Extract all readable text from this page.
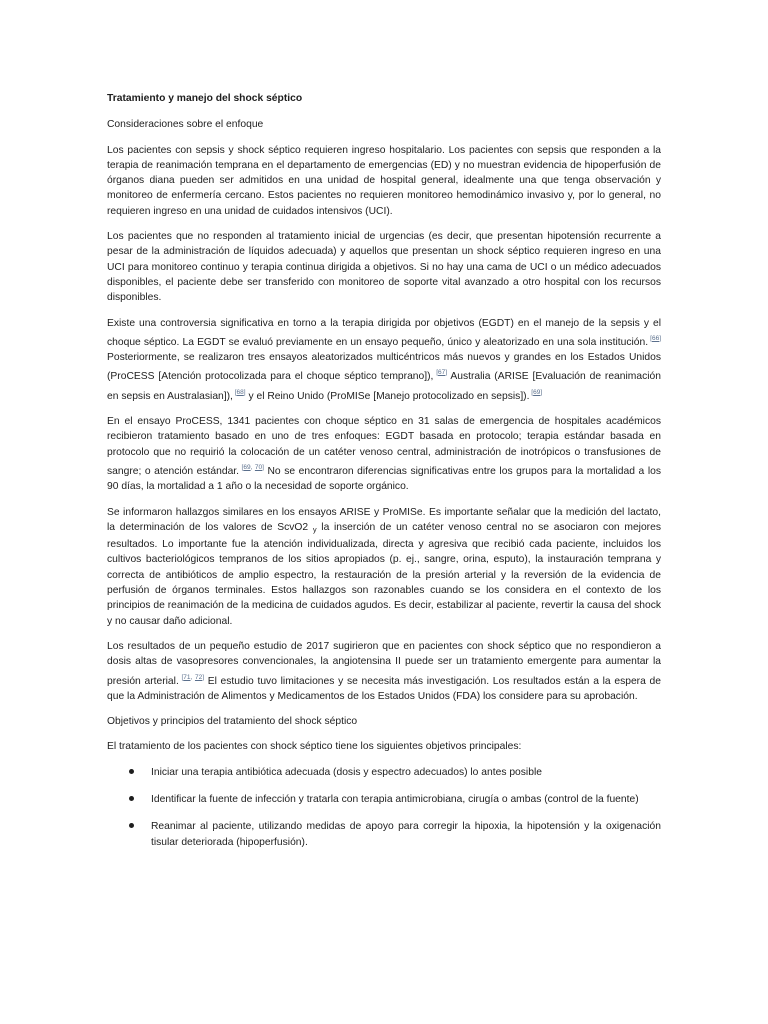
Tratamiento y manejo del shock séptico

Consideraciones sobre el enfoque

Los pacientes con sepsis y shock séptico requieren ingreso hospitalario. Los pacientes con sepsis que responden a la terapia de reanimación temprana en el departamento de emergencias (ED) y no muestran evidencia de hipoperfusión de órganos diana pueden ser admitidos en una unidad de hospital general, idealmente una que tenga observación y monitoreo de enfermería cercano. Estos pacientes no requieren monitoreo hemodinámico invasivo y, por lo general, no requieren ingreso en una unidad de cuidados intensivos (UCI).

Los pacientes que no responden al tratamiento inicial de urgencias (es decir, que presentan hipotensión recurrente a pesar de la administración de líquidos adecuada) y aquellos que presentan un shock séptico requieren ingreso en una UCI para monitoreo continuo y terapia continua dirigida a objetivos. Si no hay una cama de UCI o un médico adecuados disponibles, el paciente debe ser transferido con monitoreo de soporte vital avanzado a otro hospital con los recursos disponibles.

Existe una controversia significativa en torno a la terapia dirigida por objetivos (EGDT) en el manejo de la sepsis y el choque séptico. La EGDT se evaluó previamente en un ensayo pequeño, único y aleatorizado en una sola institución. [66] Posteriormente, se realizaron tres ensayos aleatorizados multicéntricos más nuevos y grandes en los Estados Unidos (ProCESS [Atención protocolizada para el choque séptico temprano]), [67] Australia (ARISE [Evaluación de reanimación en sepsis en Australasian]), [68] y el Reino Unido (ProMISe [Manejo protocolizado en sepsis]). [69]

En el ensayo ProCESS, 1341 pacientes con choque séptico en 31 salas de emergencia de hospitales académicos recibieron tratamiento basado en uno de tres enfoques: EGDT basada en protocolo; terapia estándar basada en protocolo que no requirió la colocación de un catéter venoso central, administración de inotrópicos o transfusiones de sangre; o atención estándar. [69, 70] No se encontraron diferencias significativas entre los grupos para la mortalidad a los 90 días, la mortalidad a 1 año o la necesidad de soporte orgánico.

Se informaron hallazgos similares en los ensayos ARISE y ProMISe. Es importante señalar que la medición del lactato, la determinación de los valores de ScvO2 $_y$ la inserción de un catéter venoso central no se asociaron con mejores resultados. Lo importante fue la atención individualizada, directa y agresiva que recibió cada paciente, incluidos los cultivos bacteriológicos tempranos de los sitios apropiados (p. ej., sangre, orina, esputo), la instauración temprana y correcta de antibióticos de amplio espectro, la restauración de la presión arterial y la reversión de la evidencia de perfusión de órganos terminales. Estos hallazgos son razonables cuando se los considera en el contexto de los principios de reanimación de la medicina de cuidados agudos. Es decir, estabilizar al paciente, revertir la causa del shock y no causar daño adicional.

Los resultados de un pequeño estudio de 2017 sugirieron que en pacientes con shock séptico que no respondieron a dosis altas de vasopresores convencionales, la angiotensina II puede ser un tratamiento emergente para aumentar la presión arterial. [71, 72] El estudio tuvo limitaciones y se necesita más investigación. Los resultados están a la espera de que la Administración de Alimentos y Medicamentos de los Estados Unidos (FDA) los considere para su aprobación.

Objetivos y principios del tratamiento del shock séptico

El tratamiento de los pacientes con shock séptico tiene los siguientes objetivos principales:

Iniciar una terapia antibiótica adecuada (dosis y espectro adecuados) lo antes posible
Identificar la fuente de infección y tratarla con terapia antimicrobiana, cirugía o ambas (control de la fuente)
Reanimar al paciente, utilizando medidas de apoyo para corregir la hipoxia, la hipotensión y la oxigenación tisular deteriorada (hipoperfusión).
